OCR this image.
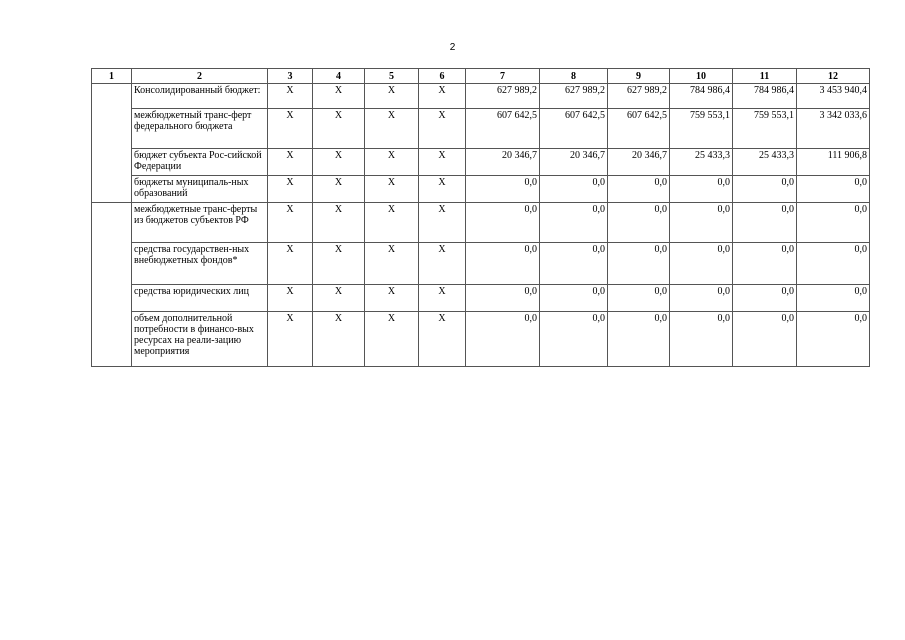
2
1	2	3	4	5	6	7	8	9	10	11	12
	Консолидированный бюджет:	X	X	X	X	627 989,2	627 989,2	627 989,2	784 986,4	784 986,4	3 453 940,4
	межбюджетный транс-ферт федерального бюджета	X	X	X	X	607 642,5	607 642,5	607 642,5	759 553,1	759 553,1	3 342 033,6
	бюджет субъекта Рос-сийской Федерации	X	X	X	X	20 346,7	20 346,7	20 346,7	25 433,3	25 433,3	111 906,8
	бюджеты муниципаль-ных образований	X	X	X	X	0,0	0,0	0,0	0,0	0,0	0,0
	межбюджетные транс-ферты из бюджетов субъектов РФ	X	X	X	X	0,0	0,0	0,0	0,0	0,0	0,0
	средства государствен-ных внебюджетных фондов*	X	X	X	X	0,0	0,0	0,0	0,0	0,0	0,0
	средства юридических лиц	X	X	X	X	0,0	0,0	0,0	0,0	0,0	0,0
	объем дополнительной потребности в финансо-вых ресурсах на реали-зацию мероприятия	X	X	X	X	0,0	0,0	0,0	0,0	0,0	0,0
